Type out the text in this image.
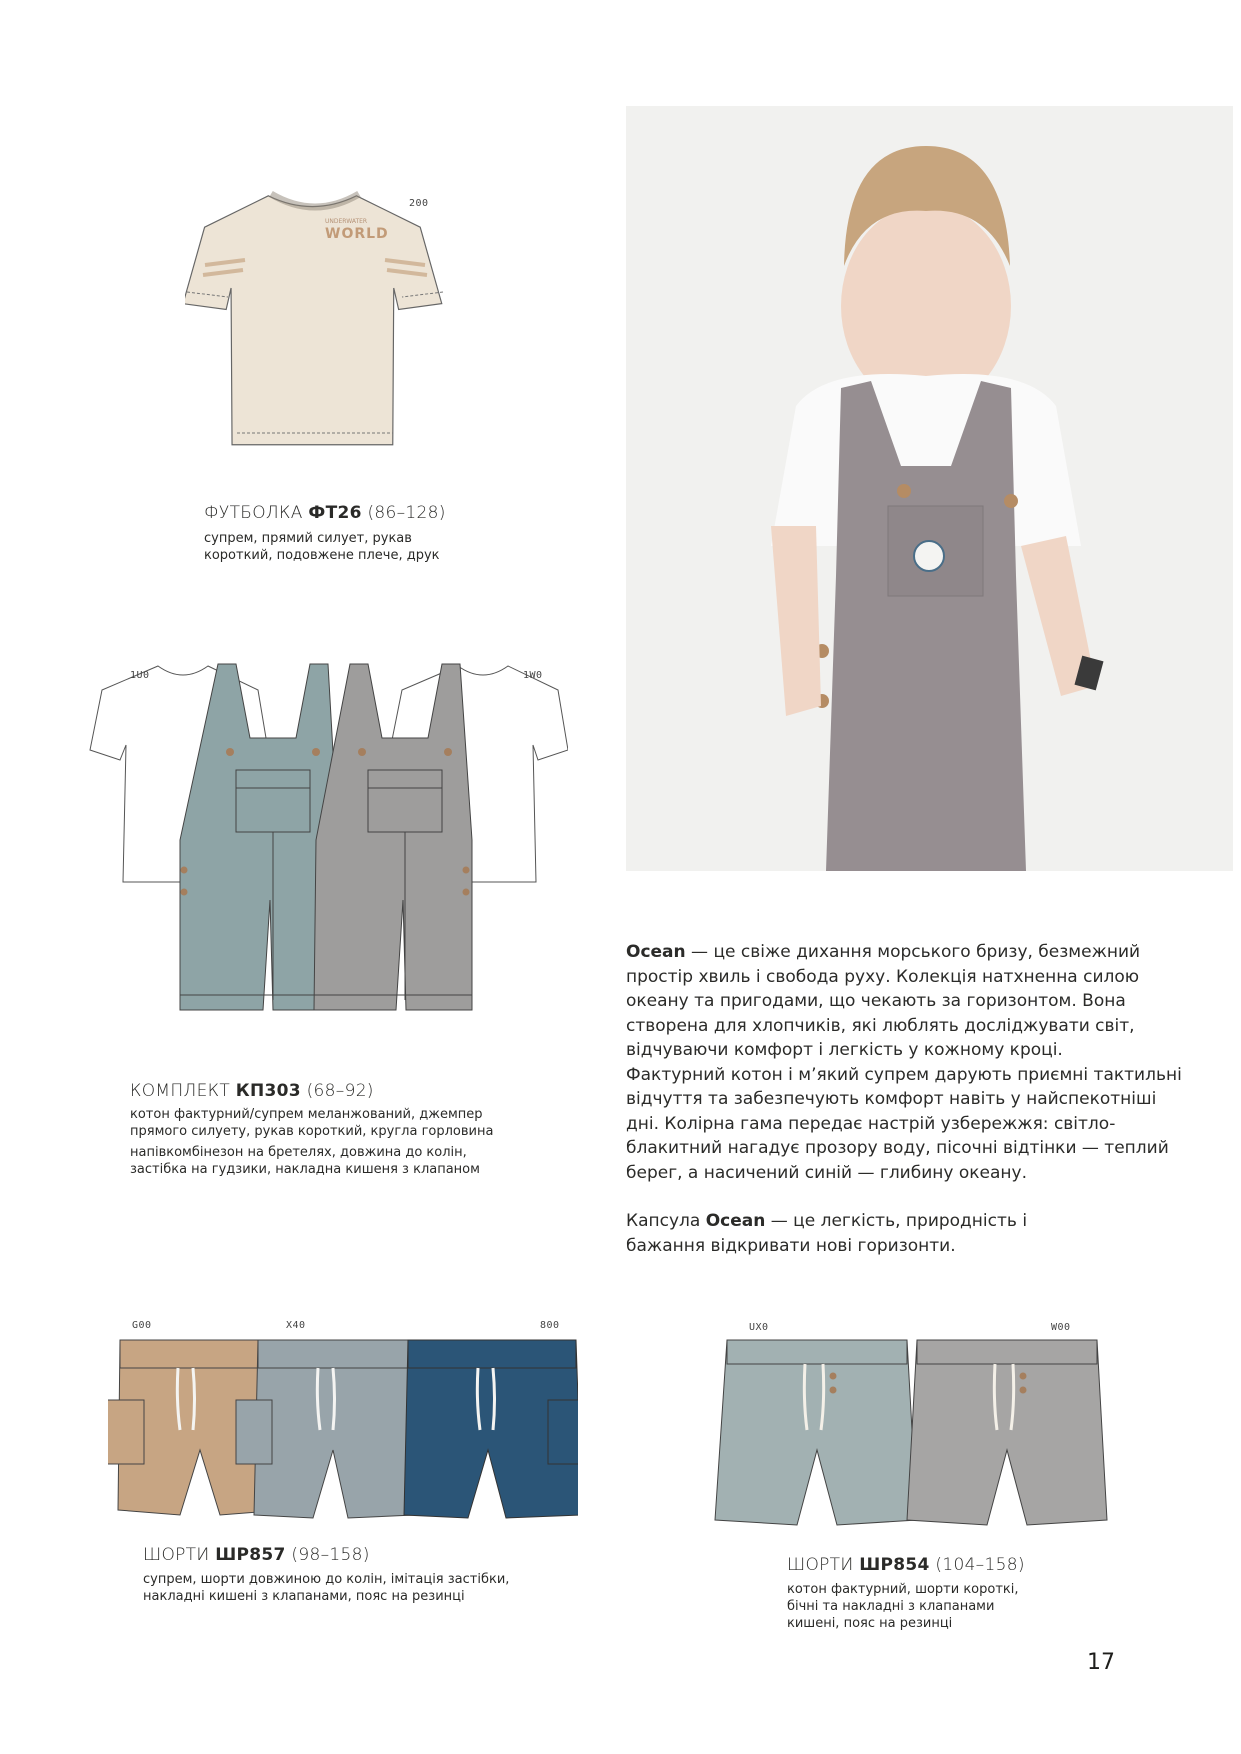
UNDERWATER
WORLD
200
ФУТБОЛКА ФТ26 (86–128)

супрем, прямий силует, рукав

короткий, подовжене плече, друк

1U0	1W0
КОМПЛЕКТ КП303 (68–92)

котон фактурний/супрем меланжований, джемпер

прямого силуету, рукав короткий, кругла горловина

напівкомбінезон на бретелях, довжина до колін,

застібка на гудзики, накладна кишеня з клапаном

Ocean — це свіже дихання морського бризу, безмежний
простір хвиль і свобода руху. Колекція натхненна силою
океану та пригодами, що чекають за горизонтом. Вона
створена для хлопчиків, які люблять досліджувати світ,
відчуваючи комфорт і легкість у кожному кроці.
Фактурний котон і м’який супрем дарують приємні тактильні
відчуття та забезпечують комфорт навіть у найспекотніші
дні. Колірна гама передає настрій узбережжя: світло-
блакитний нагадує прозору воду, пісочні відтінки — теплий
берег, а насичений синій — глибину океану.

Капсула Ocean — це легкість, природність і
бажання відкривати нові горизонти.

G00	X40	800
ШОРТИ ШР857 (98–158)

супрем, шорти довжиною до колін, імітація застібки,

накладні кишені з клапанами, пояс на резинці

UX0	W00
ШОРТИ ШР854 (104–158)

котон фактурний, шорти короткі,

бічні та накладні з клапанами

кишені, пояс на резинці

17
